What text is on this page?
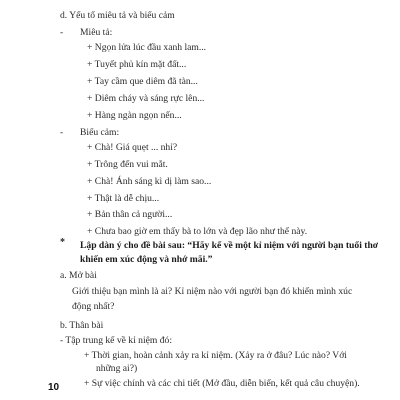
d. Yếu tố miêu tả và biểu cảm
- Miêu tả:
+ Ngọn lửa lúc đầu xanh lam...
+ Tuyết phủ kín mặt đất...
+ Tay cầm que diêm đã tàn...
+ Diêm cháy và sáng rực lên...
+ Hàng ngàn ngọn nến...
- Biểu cảm:
+ Chà! Giá quẹt ... nhỉ?
+ Trông đến vui mắt.
+ Chà! Ánh sáng kì dị làm sao...
+ Thật là dễ chịu...
+ Bản thân cả người...
+ Chưa bao giờ em thấy bà to lớn và đẹp lão như thế này.
* Lập dàn ý cho đề bài sau: “Hãy kể về một kỉ niệm với người bạn tuổi thơ
khiến em xúc động và nhớ mãi.”
a. Mở bài
Giới thiệu bạn mình là ai? Kỉ niệm nào với người bạn đó khiến mình xúc
động nhất?
b. Thân bài
- Tập trung kể về kỉ niệm đó:
+ Thời gian, hoàn cảnh xảy ra kỉ niệm. (Xảy ra ở đâu? Lúc nào? Với
những ai?)
+ Sự việc chính và các chi tiết (Mở đầu, diễn biến, kết quả câu chuyện).
10
